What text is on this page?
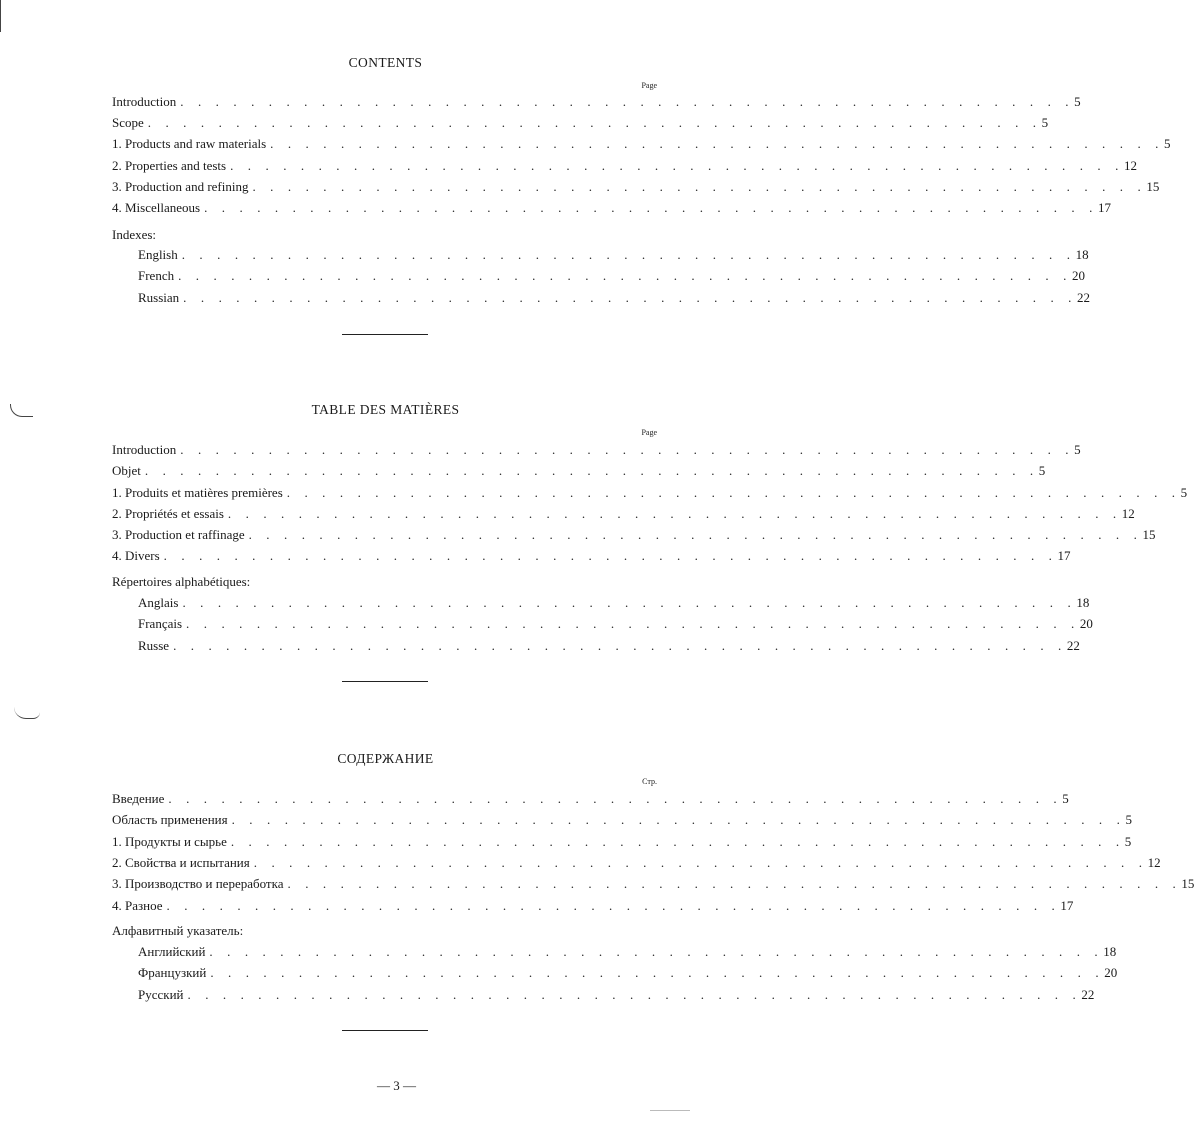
CONTENTS
Page
Introduction . . . . . . . . . . . . . . . . . . . . . . . . . . . . . . . . . . . . . . . . . . . . . . . . . . . 5
Scope . . . . . . . . . . . . . . . . . . . . . . . . . . . . . . . . . . . . . . . . . . . . . . . . . . . 5
1. Products and raw materials . . . . . . . . . . . . . . . . . . . . . . . . . . . . . . . . . . . . . . . . . . . . . . . . . . . 5
2. Properties and tests . . . . . . . . . . . . . . . . . . . . . . . . . . . . . . . . . . . . . . . . . . . . . . . . . . . 12
3. Production and refining . . . . . . . . . . . . . . . . . . . . . . . . . . . . . . . . . . . . . . . . . . . . . . . . . . . 15
4. Miscellaneous . . . . . . . . . . . . . . . . . . . . . . . . . . . . . . . . . . . . . . . . . . . . . . . . . . . 17
Indexes:
English . . . . . . . . . . . . . . . . . . . . . . . . . . . . . . . . . . . . . . . . . . . . . . . . . . . 18
French . . . . . . . . . . . . . . . . . . . . . . . . . . . . . . . . . . . . . . . . . . . . . . . . . . . 20
Russian . . . . . . . . . . . . . . . . . . . . . . . . . . . . . . . . . . . . . . . . . . . . . . . . . . . 22
TABLE DES MATIÈRES
Page
Introduction . . . . . . . . . . . . . . . . . . . . . . . . . . . . . . . . . . . . . . . . . . . . . . . . . . . 5
Objet . . . . . . . . . . . . . . . . . . . . . . . . . . . . . . . . . . . . . . . . . . . . . . . . . . . 5
1. Produits et matières premières . . . . . . . . . . . . . . . . . . . . . . . . . . . . . . . . . . . . . . . . . . . . . . . . . . . 5
2. Propriétés et essais . . . . . . . . . . . . . . . . . . . . . . . . . . . . . . . . . . . . . . . . . . . . . . . . . . . 12
3. Production et raffinage . . . . . . . . . . . . . . . . . . . . . . . . . . . . . . . . . . . . . . . . . . . . . . . . . . . 15
4. Divers . . . . . . . . . . . . . . . . . . . . . . . . . . . . . . . . . . . . . . . . . . . . . . . . . . . 17
Répertoires alphabétiques:
Anglais . . . . . . . . . . . . . . . . . . . . . . . . . . . . . . . . . . . . . . . . . . . . . . . . . . . 18
Français . . . . . . . . . . . . . . . . . . . . . . . . . . . . . . . . . . . . . . . . . . . . . . . . . . . 20
Russe . . . . . . . . . . . . . . . . . . . . . . . . . . . . . . . . . . . . . . . . . . . . . . . . . . . 22
СОДЕРЖАНИЕ
Стр.
Введение . . . . . . . . . . . . . . . . . . . . . . . . . . . . . . . . . . . . . . . . . . . . . . . . . . . 5
Область применения . . . . . . . . . . . . . . . . . . . . . . . . . . . . . . . . . . . . . . . . . . . . . . . . . . . 5
1. Продукты и сырье . . . . . . . . . . . . . . . . . . . . . . . . . . . . . . . . . . . . . . . . . . . . . . . . . . . 5
2. Свойства и испытания . . . . . . . . . . . . . . . . . . . . . . . . . . . . . . . . . . . . . . . . . . . . . . . . . . . 12
3. Производство и переработка . . . . . . . . . . . . . . . . . . . . . . . . . . . . . . . . . . . . . . . . . . . . . . . . . . . 15
4. Разное . . . . . . . . . . . . . . . . . . . . . . . . . . . . . . . . . . . . . . . . . . . . . . . . . . . 17
Алфавитный указатель:
Английский . . . . . . . . . . . . . . . . . . . . . . . . . . . . . . . . . . . . . . . . . . . . . . . . . . . 18
Французкий . . . . . . . . . . . . . . . . . . . . . . . . . . . . . . . . . . . . . . . . . . . . . . . . . . . 20
Русский . . . . . . . . . . . . . . . . . . . . . . . . . . . . . . . . . . . . . . . . . . . . . . . . . . . 22
— 3 —
